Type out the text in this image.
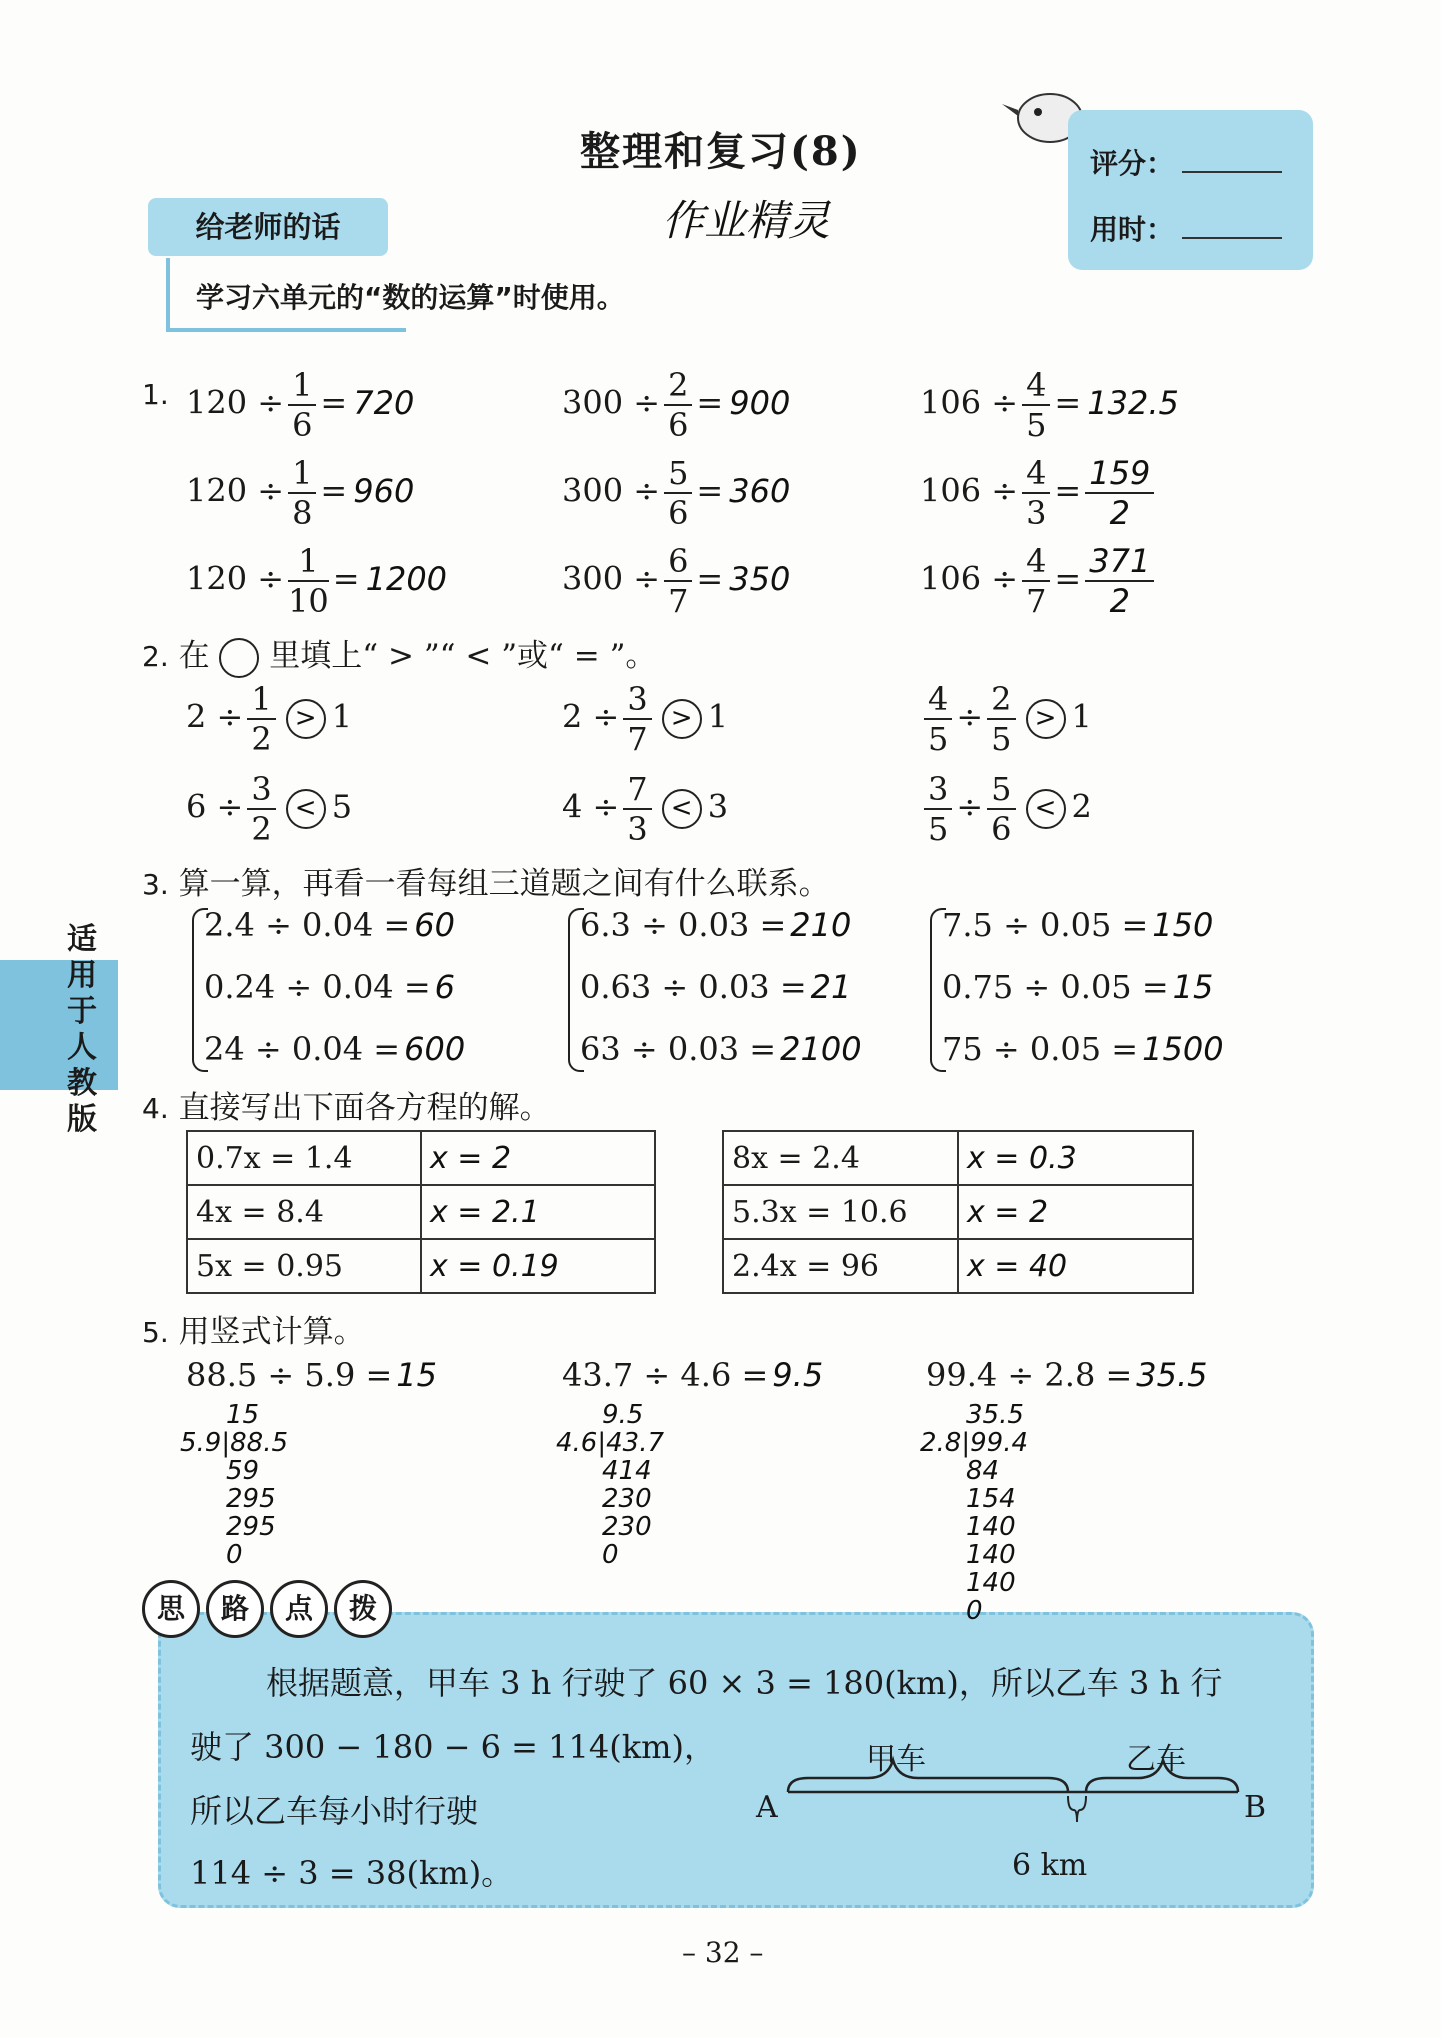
整理和复习(8)
作业精灵
评分：
用时：
给老师的话
学习六单元的“数的运算”时使用。
适用于人教版
1.
2. 在 里填上“ > ”“ < ”或“ = ”。
3. 算一算，再看一看每组三道题之间有什么联系。
4. 直接写出下面各方程的解。
0.7x = 1.4	x = 2
4x = 8.4	x = 2.1
5x = 0.95	x = 0.19
8x = 2.4	x = 0.3
5.3x = 10.6	x = 2
2.4x = 96	x = 40
5. 用竖式计算。
思 路 点 拨
根据题意，甲车 3 h 行驶了 60 × 3 = 180(km)，所以乙车 3 h 行
驶了 300 − 180 − 6 = 114(km)，
所以乙车每小时行驶
114 ÷ 3 = 38(km)。
A	B
甲车	乙车
6 km
– 32 –
$120 \div \frac{1}{6} = 720$	$300 \div \frac{2}{6} = 900$	$106 \div \frac{4}{5} = 132.5$
$120 \div \frac{1}{8} = 960$	$300 \div \frac{5}{6} = 360$	$106 \div \frac{4}{3} = \frac{159}{2}$
$120 \div \frac{1}{10} = 1200$	$300 \div \frac{6}{7} = 350$	$106 \div \frac{4}{7} = \frac{371}{2}$
$2 \div \frac{1}{2} > 1$	$2 \div \frac{3}{7} > 1$	$\frac{4}{5} \div \frac{2}{5} > 1$
$6 \div \frac{3}{2} < 5$	$4 \div \frac{7}{3} < 3$	$\frac{3}{5} \div \frac{5}{6} < 2$
2.4 ÷ 0.04 = 60
0.24 ÷ 0.04 = 6
24 ÷ 0.04 = 600
6.3 ÷ 0.03 = 210
0.63 ÷ 0.03 = 21
63 ÷ 0.03 = 2100
7.5 ÷ 0.05 = 150
0.75 ÷ 0.05 = 15
75 ÷ 0.05 = 1500
88.5 ÷ 5.9 = 15
15
5.9|88.5
59
295
295
0
43.7 ÷ 4.6 = 9.5
9.5
4.6|43.7
414
230
230
0
99.4 ÷ 2.8 = 35.5
35.5
2.8|99.4
84
154
140
140
140
0
